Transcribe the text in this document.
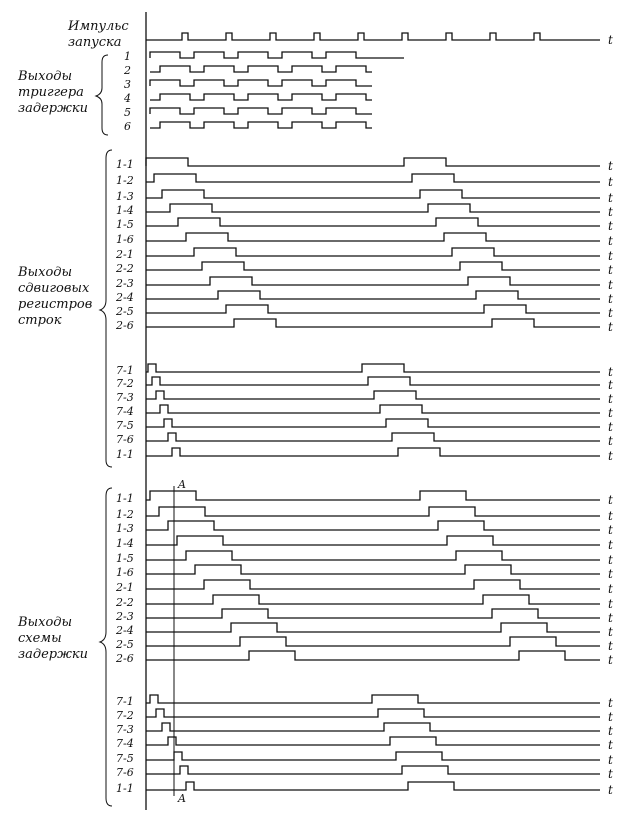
Импульс
запуска
Выходы
триггера
задержки
Выходы
сдвиговых
регистров
строк
Выходы
схемы
задержки
A
A
t
1
2
3
4
5
6
1-1	t
1-2	t
1-3	t
1-4	t
1-5	t
1-6	t
2-1	t
2-2	t
2-3	t
2-4	t
2-5	t
2-6	t
7-1	t
7-2	t
7-3	t
7-4	t
7-5	t
7-6	t
1-1	t
1-1	t
1-2	t
1-3	t
1-4	t
1-5	t
1-6	t
2-1	t
2-2	t
2-3	t
2-4	t
2-5	t
2-6	t
7-1	t
7-2	t
7-3	t
7-4	t
7-5	t
7-6	t
1-1	t
